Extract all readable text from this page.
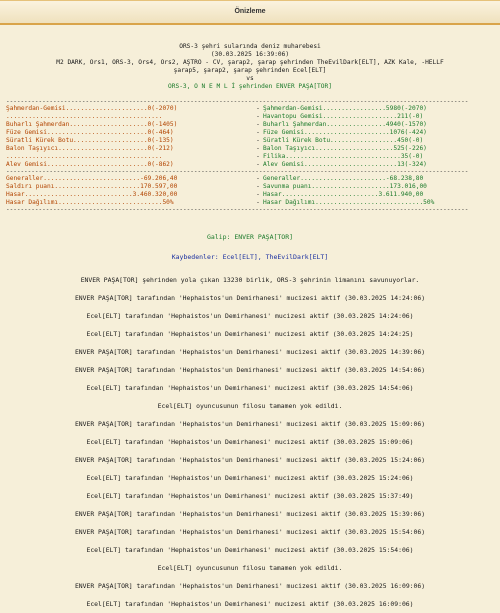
Önizleme
ORS-3 şehri sularında deniz muharebesi
(30.03.2025 16:39:06)
M2 DARK, Ors1, ORS-3, Ors4, Ors2, AŞTRO - CV, şarap2, şarap şehrinden TheEvilDark[ELT], AZK Kale, -HELLF
şarap5, şarap2, şarap şehrinden Ecel[ELT]
vs
ORS-3, O N E M L İ şehrinden ENVER PAŞA[TOR]
--------------------------------------------------------------------------------------------------------------------------------
Şahmerdan-Gemisi......................0(-2070)	- Şahmerdan-Gemisi.................5980(-2070)
..........................................	- Havantopu Gemisi....................211(-0)
Buharlı Şahmerdan.....................0(-1405)	- Buharlı Şahmerdan................4940(-1570)
Füze Gemisi...........................0(-464)	- Füze Gemisi.......................1076(-424)
Süratli Kürek Botu....................0(-135)	- Süratli Kürek Botu..................450(-0)
Balon Taşıyıcı........................0(-212)	- Balon Taşıyıcı.....................525(-226)
..........................................	- Filika...............................35(-0)
Alev Gemisi...........................0(-862)	- Alev Gemisi.........................13(-324)
--------------------------------------------------------------------------------------------------------------------------------
Generaller..........................-69.206,40	- Generaller.......................-68.238,80
Saldırı puanı.......................170.597,00	- Savunma puanı.....................173.016,00
Hasar.............................3.460.320,00	- Hasar..........................3.611.940,00
Hasar Dağılımı............................50%	- Hasar Dağılımı.............................50%
--------------------------------------------------------------------------------------------------------------------------------
Galip: ENVER PAŞA[TOR]
Kaybedenler: Ecel[ELT], TheEvilDark[ELT]
ENVER PAŞA[TOR] şehrinden yola çıkan 13230 birlik, ORS-3 şehrinin limanını savunuyorlar.
ENVER PAŞA[TOR] tarafından 'Hephaistos'un Demirhanesi' mucizesi aktif (30.03.2025 14:24:06)
Ecel[ELT] tarafından 'Hephaistos'un Demirhanesi' mucizesi aktif (30.03.2025 14:24:06)
Ecel[ELT] tarafından 'Hephaistos'un Demirhanesi' mucizesi aktif (30.03.2025 14:24:25)
ENVER PAŞA[TOR] tarafından 'Hephaistos'un Demirhanesi' mucizesi aktif (30.03.2025 14:39:06)
ENVER PAŞA[TOR] tarafından 'Hephaistos'un Demirhanesi' mucizesi aktif (30.03.2025 14:54:06)
Ecel[ELT] tarafından 'Hephaistos'un Demirhanesi' mucizesi aktif (30.03.2025 14:54:06)
Ecel[ELT] oyuncusunun filosu tamamen yok edildi.
ENVER PAŞA[TOR] tarafından 'Hephaistos'un Demirhanesi' mucizesi aktif (30.03.2025 15:09:06)
Ecel[ELT] tarafından 'Hephaistos'un Demirhanesi' mucizesi aktif (30.03.2025 15:09:06)
ENVER PAŞA[TOR] tarafından 'Hephaistos'un Demirhanesi' mucizesi aktif (30.03.2025 15:24:06)
Ecel[ELT] tarafından 'Hephaistos'un Demirhanesi' mucizesi aktif (30.03.2025 15:24:06)
Ecel[ELT] tarafından 'Hephaistos'un Demirhanesi' mucizesi aktif (30.03.2025 15:37:49)
ENVER PAŞA[TOR] tarafından 'Hephaistos'un Demirhanesi' mucizesi aktif (30.03.2025 15:39:06)
ENVER PAŞA[TOR] tarafından 'Hephaistos'un Demirhanesi' mucizesi aktif (30.03.2025 15:54:06)
Ecel[ELT] tarafından 'Hephaistos'un Demirhanesi' mucizesi aktif (30.03.2025 15:54:06)
Ecel[ELT] oyuncusunun filosu tamamen yok edildi.
ENVER PAŞA[TOR] tarafından 'Hephaistos'un Demirhanesi' mucizesi aktif (30.03.2025 16:09:06)
Ecel[ELT] tarafından 'Hephaistos'un Demirhanesi' mucizesi aktif (30.03.2025 16:09:06)
